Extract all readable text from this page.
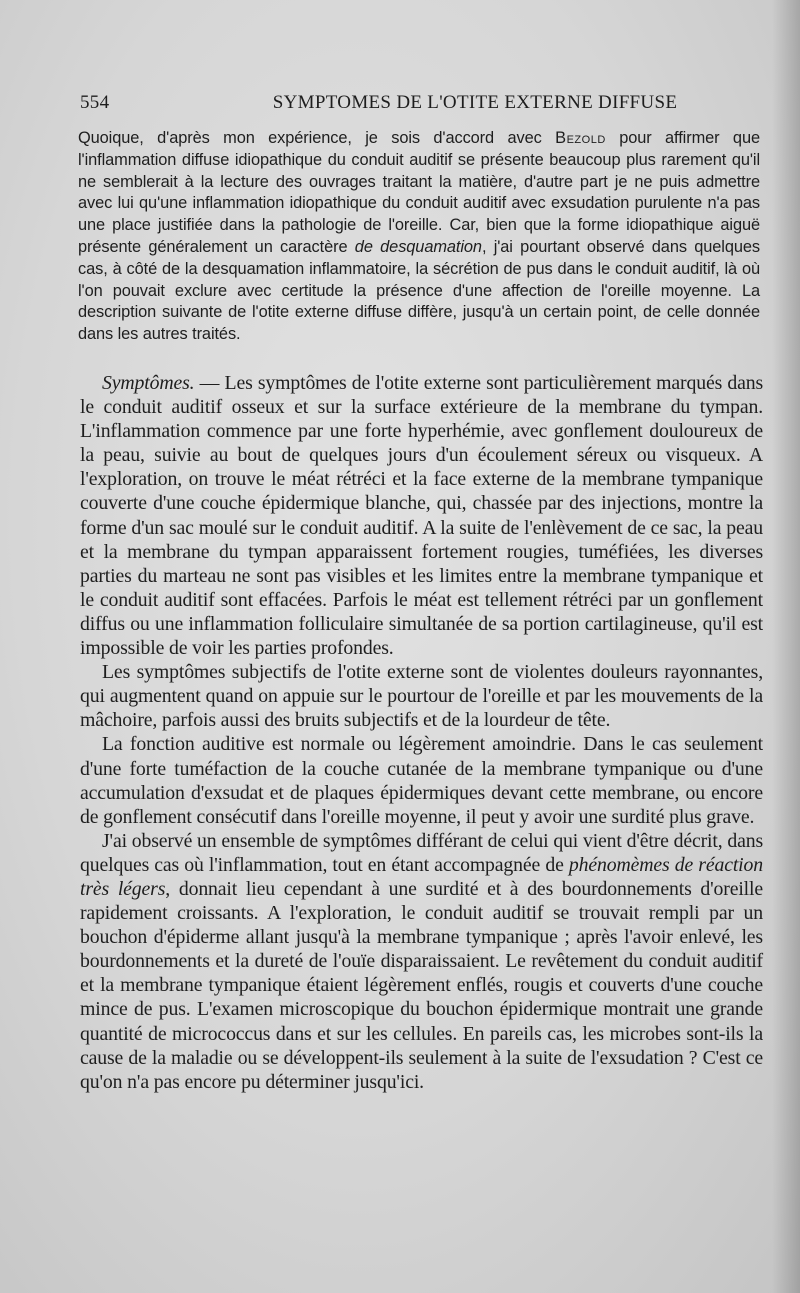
554	SYMPTOMES DE L'OTITE EXTERNE DIFFUSE
Quoique, d'après mon expérience, je sois d'accord avec Bezold pour affirmer que l'inflammation diffuse idiopathique du conduit auditif se présente beaucoup plus rarement qu'il ne semblerait à la lecture des ouvrages traitant la matière, d'autre part je ne puis admettre avec lui qu'une inflammation idiopathique du conduit auditif avec exsudation purulente n'a pas une place justifiée dans la pathologie de l'oreille. Car, bien que la forme idiopathique aiguë présente généralement un caractère de desquamation, j'ai pourtant observé dans quelques cas, à côté de la desquamation inflammatoire, la sécrétion de pus dans le conduit auditif, là où l'on pouvait exclure avec certitude la présence d'une affection de l'oreille moyenne. La description suivante de l'otite externe diffuse diffère, jusqu'à un certain point, de celle donnée dans les autres traités.

Symptômes. — Les symptômes de l'otite externe sont particulièrement marqués dans le conduit auditif osseux et sur la surface extérieure de la membrane du tympan. L'inflammation commence par une forte hyperhémie, avec gonflement douloureux de la peau, suivie au bout de quelques jours d'un écoulement séreux ou visqueux. A l'exploration, on trouve le méat rétréci et la face externe de la membrane tympanique couverte d'une couche épidermique blanche, qui, chassée par des injections, montre la forme d'un sac moulé sur le conduit auditif. A la suite de l'enlèvement de ce sac, la peau et la membrane du tympan apparaissent fortement rougies, tuméfiées, les diverses parties du marteau ne sont pas visibles et les limites entre la membrane tympanique et le conduit auditif sont effacées. Parfois le méat est tellement rétréci par un gonflement diffus ou une inflammation folliculaire simultanée de sa portion cartilagineuse, qu'il est impossible de voir les parties profondes.

Les symptômes subjectifs de l'otite externe sont de violentes douleurs rayonnantes, qui augmentent quand on appuie sur le pourtour de l'oreille et par les mouvements de la mâchoire, parfois aussi des bruits subjectifs et de la lourdeur de tête.

La fonction auditive est normale ou légèrement amoindrie. Dans le cas seulement d'une forte tuméfaction de la couche cutanée de la membrane tympanique ou d'une accumulation d'exsudat et de plaques épidermiques devant cette membrane, ou encore de gonflement consécutif dans l'oreille moyenne, il peut y avoir une surdité plus grave.

J'ai observé un ensemble de symptômes différant de celui qui vient d'être décrit, dans quelques cas où l'inflammation, tout en étant accompagnée de phénomèmes de réaction très légers, donnait lieu cependant à une surdité et à des bourdonnements d'oreille rapidement croissants. A l'exploration, le conduit auditif se trouvait rempli par un bouchon d'épiderme allant jusqu'à la membrane tympanique ; après l'avoir enlevé, les bourdonnements et la dureté de l'ouïe disparaissaient. Le revêtement du conduit auditif et la membrane tympanique étaient légèrement enflés, rougis et couverts d'une couche mince de pus. L'examen microscopique du bouchon épidermique montrait une grande quantité de micrococcus dans et sur les cellules. En pareils cas, les microbes sont-ils la cause de la maladie ou se développent-ils seulement à la suite de l'exsudation ? C'est ce qu'on n'a pas encore pu déterminer jusqu'ici.
